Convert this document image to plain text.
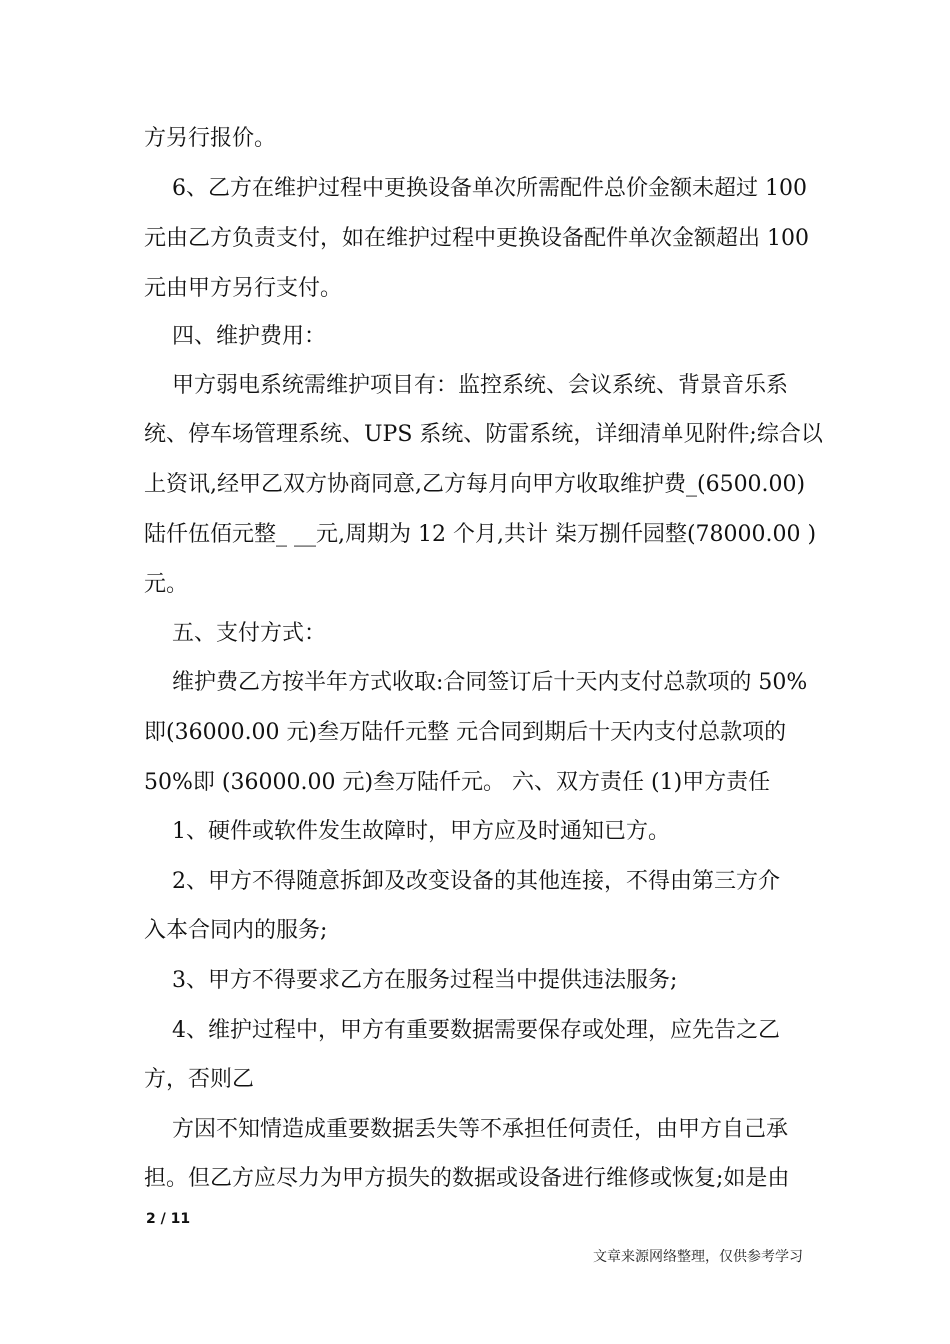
方另行报价。
6、乙方在维护过程中更换设备单次所需配件总价金额未超过 100
元由乙方负责支付，如在维护过程中更换设备配件单次金额超出 100
元由甲方另行支付。
四、维护费用：
甲方弱电系统需维护项目有：监控系统、会议系统、背景音乐系
统、停车场管理系统、UPS 系统、防雷系统，详细清单见附件;综合以
上资讯,经甲乙双方协商同意,乙方每月向甲方收取维护费_(6500.00)
陆仟伍佰元整_ __元,周期为 12 个月,共计 柒万捌仟园整(78000.00 )
元。
五、支付方式：
维护费乙方按半年方式收取:合同签订后十天内支付总款项的 50%
即(36000.00 元)叁万陆仟元整 元合同到期后十天内支付总款项的
50%即 (36000.00 元)叁万陆仟元。 六、双方责任 (1)甲方责任
1、硬件或软件发生故障时，甲方应及时通知已方。
2、甲方不得随意拆卸及改变设备的其他连接，不得由第三方介
入本合同内的服务;
3、甲方不得要求乙方在服务过程当中提供违法服务;
4、维护过程中，甲方有重要数据需要保存或处理，应先告之乙
方，否则乙
方因不知情造成重要数据丢失等不承担任何责任，由甲方自己承
担。但乙方应尽力为甲方损失的数据或设备进行维修或恢复;如是由
2 / 11
文章来源网络整理，仅供参考学习
